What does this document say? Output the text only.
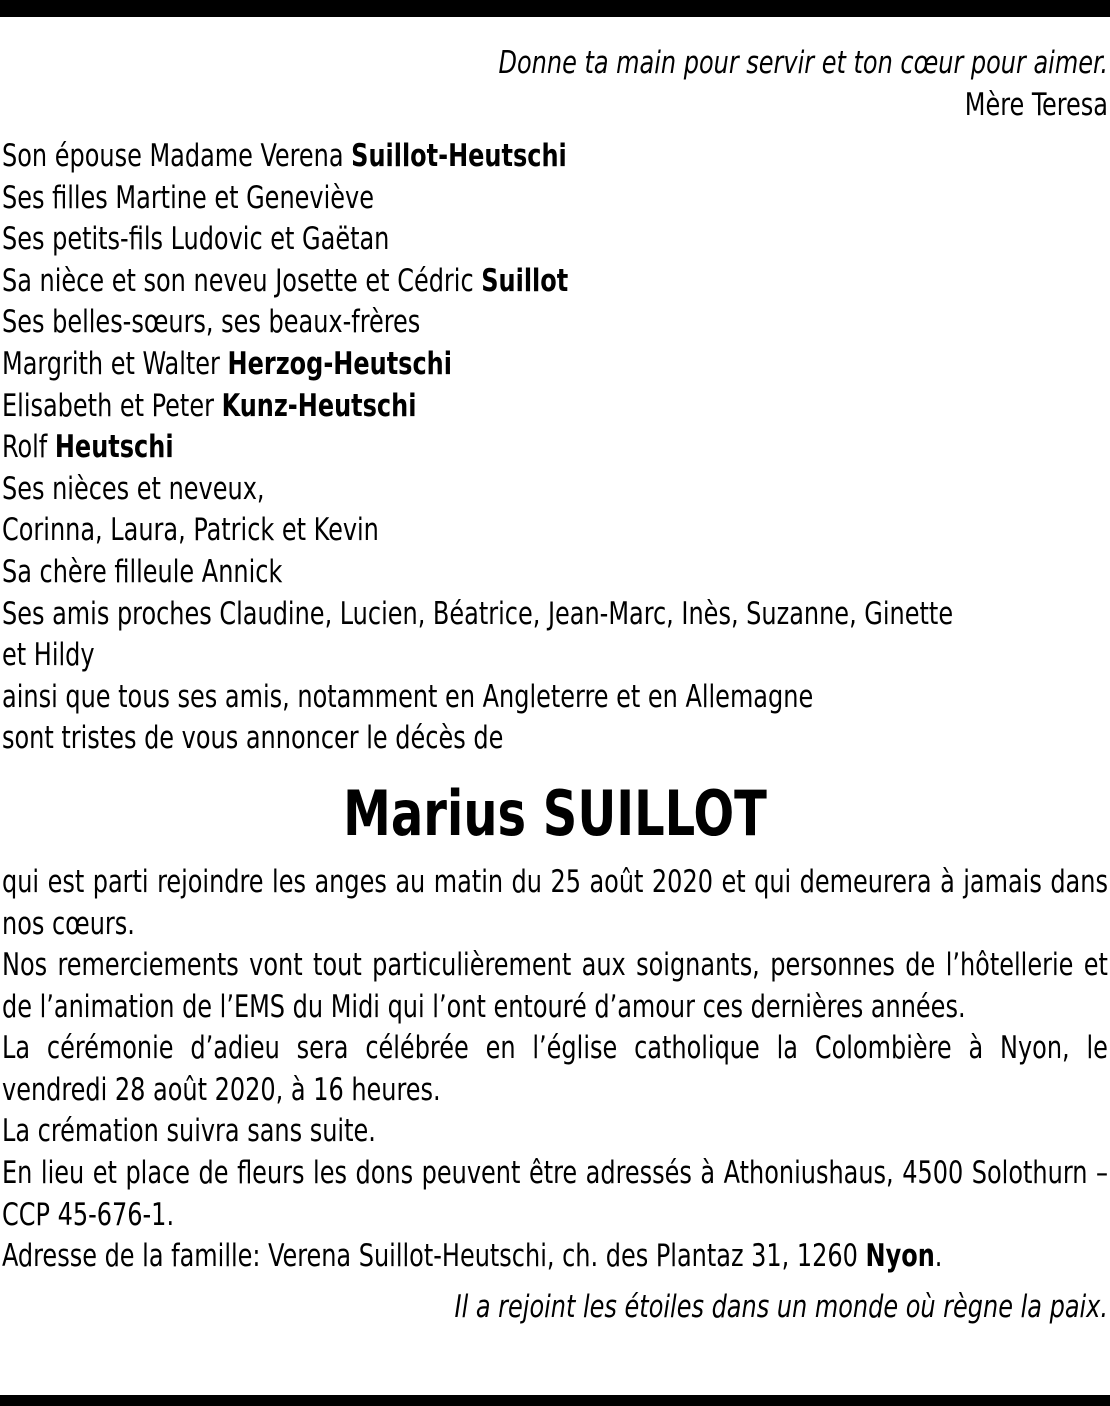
Donne ta main pour servir et ton cœur pour aimer.
Mère Teresa
Son épouse Madame Verena Suillot-Heutschi
Ses filles Martine et Geneviève
Ses petits-fils Ludovic et Gaëtan
Sa nièce et son neveu Josette et Cédric Suillot
Ses belles-sœurs, ses beaux-frères
Margrith et Walter Herzog-Heutschi
Elisabeth et Peter Kunz-Heutschi
Rolf Heutschi
Ses nièces et neveux,
Corinna, Laura, Patrick et Kevin
Sa chère filleule Annick
Ses amis proches Claudine, Lucien, Béatrice, Jean-Marc, Inès, Suzanne, Ginette
et Hildy
ainsi que tous ses amis, notamment en Angleterre et en Allemagne
sont tristes de vous annoncer le décès de
Marius SUILLOT

qui est parti rejoindre les anges au matin du 25 août 2020 et qui demeurera à jamais dans nos cœurs.

Nos remerciements vont tout particulièrement aux soignants, personnes de l’hôtellerie et de l’animation de l’EMS du Midi qui l’ont entouré d’amour ces dernières années.

La cérémonie d’adieu sera célébrée en l’église catholique la Colombière à Nyon, le vendredi 28 août 2020, à 16 heures.

La crémation suivra sans suite.

En lieu et place de fleurs les dons peuvent être adressés à Athoniushaus, 4500 Solothurn – CCP 45-676-1.

Adresse de la famille: Verena Suillot-Heutschi, ch. des Plantaz 31, 1260 Nyon.

Il a rejoint les étoiles dans un monde où règne la paix.
